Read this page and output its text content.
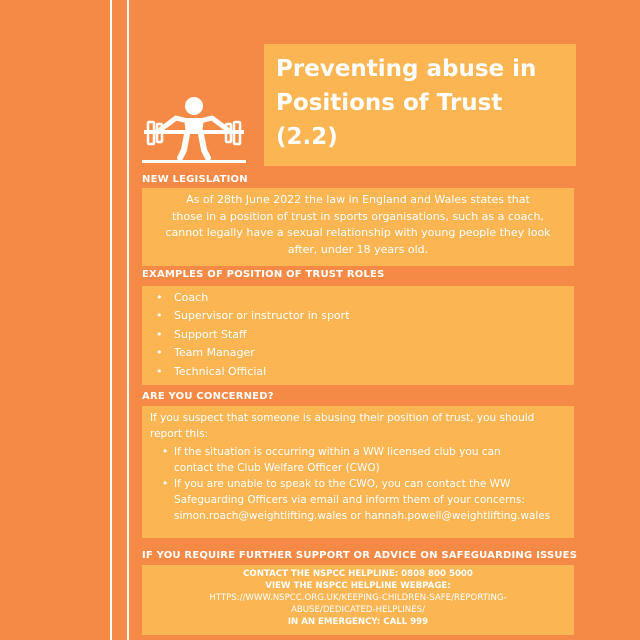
Preventing abuse in
Positions of Trust
(2.2)
NEW LEGISLATION
As of 28th June 2022 the law in England and Wales states that
those in a position of trust in sports organisations, such as a coach,
cannot legally have a sexual relationship with young people they look
after, under 18 years old.
EXAMPLES OF POSITION OF TRUST ROLES
• Coach
• Supervisor or instructor in sport
• Support Staff
• Team Manager
• Technical Official
ARE YOU CONCERNED?
If you suspect that someone is abusing their position of trust, you should
report this:
• If the situation is occurring within a WW licensed club you can
contact the Club Welfare Officer (CWO)
• If you are unable to speak to the CWO, you can contact the WW
Safeguarding Officers via email and inform them of your concerns:
simon.roach@weightlifting.wales or hannah.powell@weightlifting.wales
IF YOU REQUIRE FURTHER SUPPORT OR ADVICE ON SAFEGUARDING ISSUES
CONTACT THE NSPCC HELPLINE: 0808 800 5000
VIEW THE NSPCC HELPLINE WEBPAGE:
HTTPS://WWW.NSPCC.ORG.UK/KEEPING-CHILDREN-SAFE/REPORTING-
ABUSE/DEDICATED-HELPLINES/
IN AN EMERGENCY: CALL 999
